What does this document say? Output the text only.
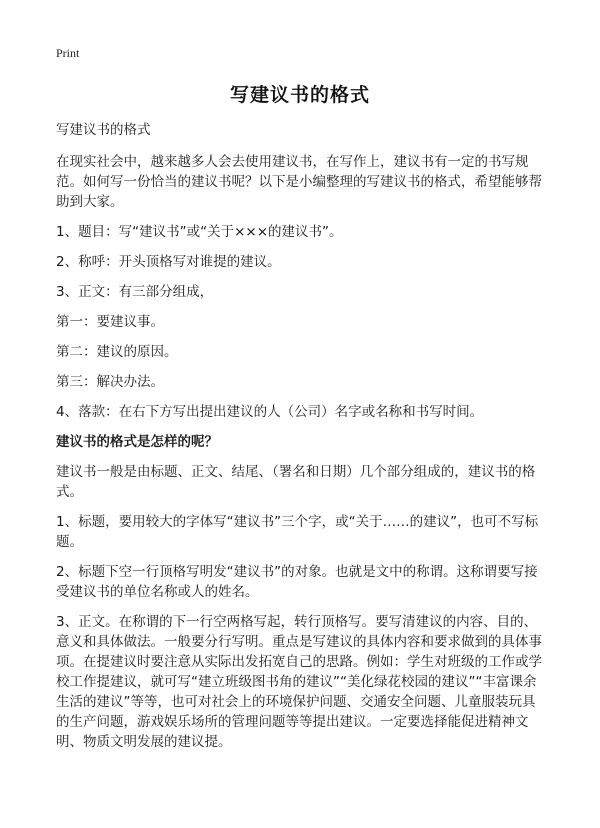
Print
写建议书的格式

写建议书的格式

在现实社会中，越来越多人会去使用建议书，在写作上，建议书有一定的书写规范。如何写一份恰当的建议书呢？以下是小编整理的写建议书的格式，希望能够帮助到大家。

1、题目：写“建议书”或“关于×××的建议书”。

2、称呼：开头顶格写对谁提的建议。

3、正文：有三部分组成，

第一：要建议事。

第二：建议的原因。

第三：解决办法。

4、落款：在右下方写出提出建议的人（公司）名字或名称和书写时间。

建议书的格式是怎样的呢？

建议书一般是由标题、正文、结尾、（署名和日期）几个部分组成的，建议书的格式。

1、标题，要用较大的字体写“建议书”三个字，或“关于……的建议”，也可不写标题。

2、标题下空一行顶格写明发“建议书”的对象。也就是文中的称谓。这称谓要写接受建议书的单位名称或人的姓名。

3、正文。在称谓的下一行空两格写起，转行顶格写。要写清建议的内容、目的、意义和具体做法。一般要分行写明。重点是写建议的具体内容和要求做到的具体事项。在提建议时要注意从实际出发拓宽自己的思路。例如：学生对班级的工作或学校工作提建议，就可写“建立班级图书角的建议”“美化绿花校园的建议”“丰富课余生活的建议”等等，也可对社会上的环境保护问题、交通安全问题、儿童服装玩具的生产问题，游戏娱乐场所的管理问题等等提出建议。一定要选择能促进精神文明、物质文明发展的建议提。
